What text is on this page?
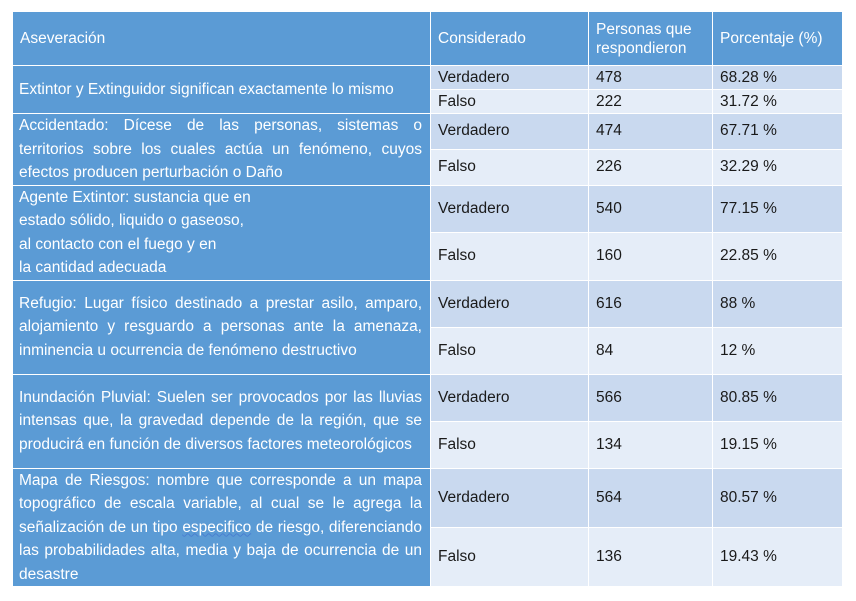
Aseveración	Considerado	Personas que respondieron	Porcentaje (%)
Extintor y Extinguidor significan exactamente lo mismo	Verdadero	478	68.28 %
	Falso	222	31.72 %
Accidentado: Dícese de las personas, sistemas o territorios sobre los cuales actúa un fenómeno, cuyos efectos producen perturbación o Daño	Verdadero	474	67.71 %
	Falso	226	32.29 %

Agente Extintor: sustancia que en
estado sólido, liquido o gaseoso,
al contacto con el fuego y en
la cantidad adecuada	Verdadero	540	77.15 %
	Falso	160	22.85 %
Refugio: Lugar físico destinado a prestar asilo, amparo, alojamiento y resguardo a personas ante la amenaza, inminencia u ocurrencia de fenómeno destructivo	Verdadero	616	88 %
	Falso	84	12 %
Inundación Pluvial: Suelen ser provocados por las lluvias intensas que, la gravedad depende de la región, que se producirá en función de diversos factores meteorológicos	Verdadero	566	80.85 %
	Falso	134	19.15 %
Mapa de Riesgos: nombre que corresponde a un mapa topográfico de escala variable, al cual se le agrega la señalización de un tipo especifico de riesgo, diferenciando las probabilidades alta, media y baja de ocurrencia de un desastre	Verdadero	564	80.57 %
	Falso	136	19.43 %
